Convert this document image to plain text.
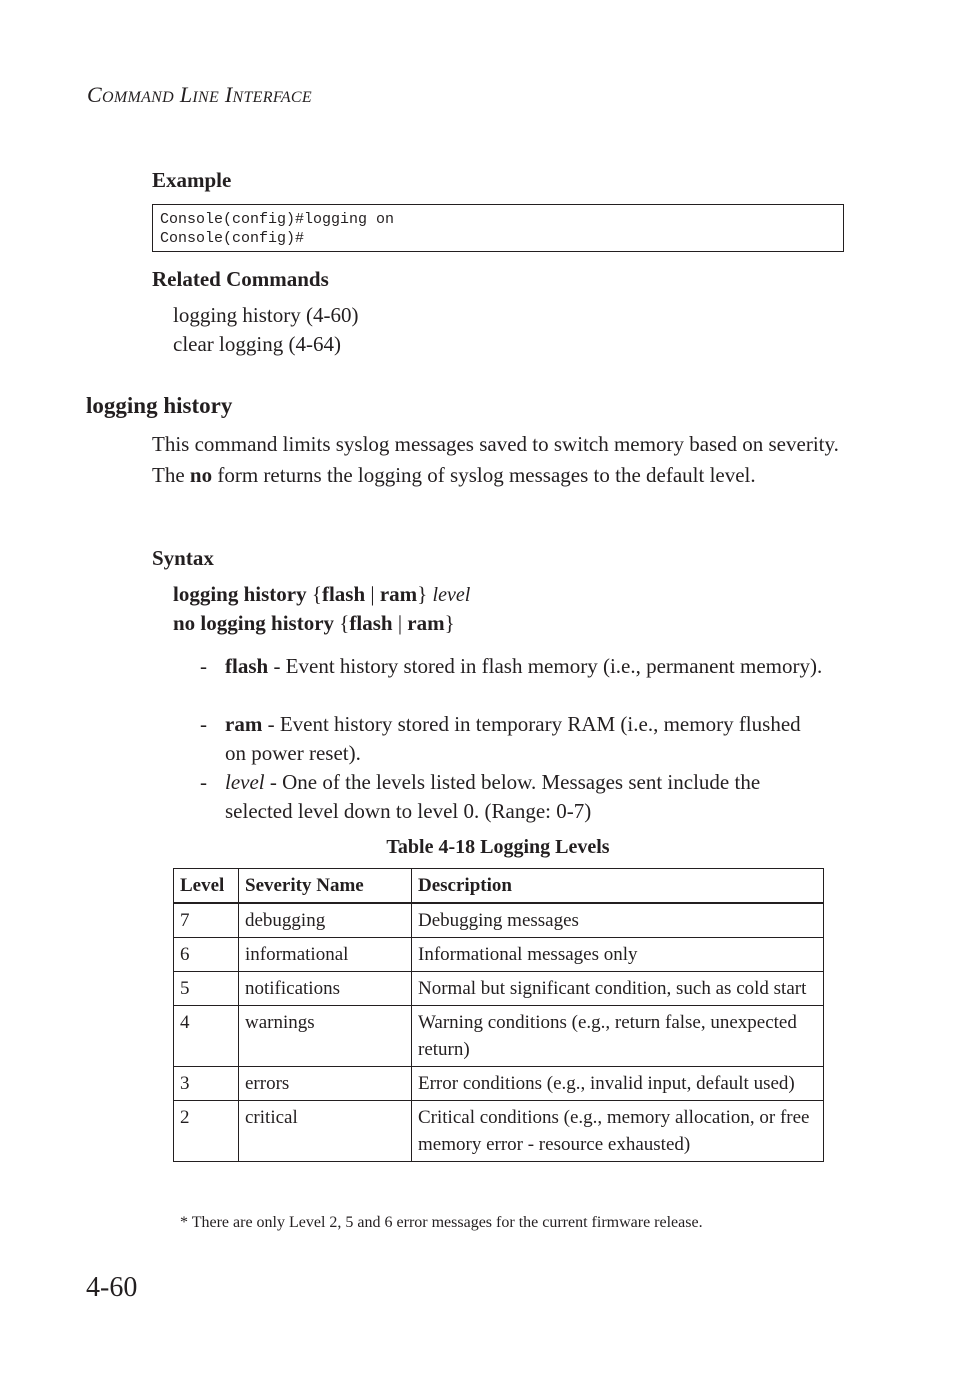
COMMAND LINE INTERFACE
Example
Console(config)#logging on
Console(config)#
Related Commands
logging history (4-60)
clear logging (4-64)
logging history
This command limits syslog messages saved to switch memory based on severity. The no form returns the logging of syslog messages to the default level.
Syntax
logging history {flash | ram} level
no logging history {flash | ram}
- flash - Event history stored in flash memory (i.e., permanent memory).
- ram - Event history stored in temporary RAM (i.e., memory flushed on power reset).
- level - One of the levels listed below. Messages sent include the selected level down to level 0. (Range: 0-7)
Table 4-18 Logging Levels
Level	Severity Name	Description
7	debugging	Debugging messages
6	informational	Informational messages only
5	notifications	Normal but significant condition, such as cold start
4	warnings	Warning conditions (e.g., return false, unexpected return)
3	errors	Error conditions (e.g., invalid input, default used)
2	critical	Critical conditions (e.g., memory allocation, or free memory error - resource exhausted)
* There are only Level 2, 5 and 6 error messages for the current firmware release.
4-60
